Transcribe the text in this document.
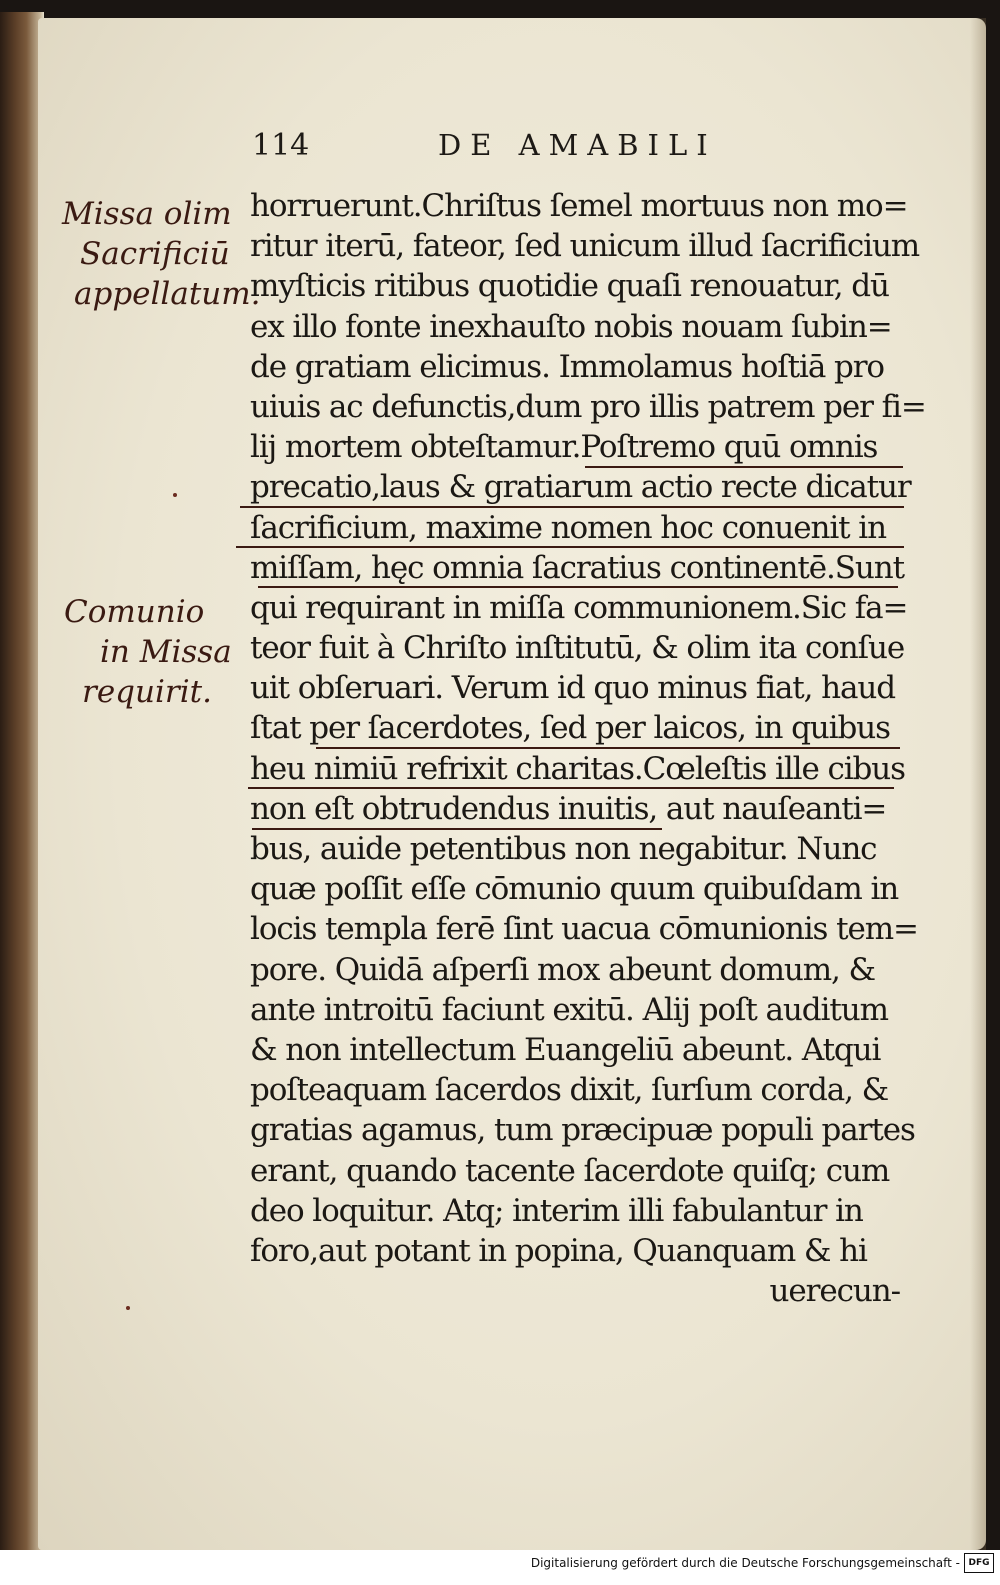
114	DE AMABILI
horruerunt.Chriſtus ſemel mortuus non mo=
ritur iterū, fateor, ſed unicum illud ſacrificium
myſticis ritibus quotidie quaſi renouatur, dū
ex illo fonte inexhauſto nobis nouam ſubin=
de gratiam elicimus. Immolamus hoſtiā pro
uiuis ac defunctis,dum pro illis patrem per fi=
lij mortem obteſtamur.Poſtremo quū omnis
precatio,laus & gratiarum actio recte dicatur
ſacrificium, maxime nomen hoc conuenit in
miſſam, hęc omnia ſacratius continentē.Sunt
qui requirant in miſſa communionem.Sic fa=
teor fuit à Chriſto inſtitutū, & olim ita conſue
uit obſeruari. Verum id quo minus fiat, haud
ſtat per ſacerdotes, ſed per laicos, in quibus
heu nimiū refrixit charitas.Cœleſtis ille cibus
non eſt obtrudendus inuitis, aut nauſeanti=
bus, auide petentibus non negabitur. Nunc
quæ poſſit eſſe cōmunio quum quibuſdam in
locis templa ferē ſint uacua cōmunionis tem=
pore. Quidā aſperſi mox abeunt domum, &
ante introitū faciunt exitū. Alij poſt auditum
& non intellectum Euangeliū abeunt. Atqui
poſteaquam ſacerdos dixit, ſurſum corda, &
gratias agamus, tum præcipuæ populi partes
erant, quando tacente ſacerdote quiſq; cum
deo loquitur. Atq; interim illi fabulantur in
foro,aut potant in popina, Quanquam & hi
uerecun-
Missa olim
Sacrificiū
appellatum.
Comunio
in Missa
requirit.
Digitalisierung gefördert durch die Deutsche Forschungsgemeinschaft - DFG
